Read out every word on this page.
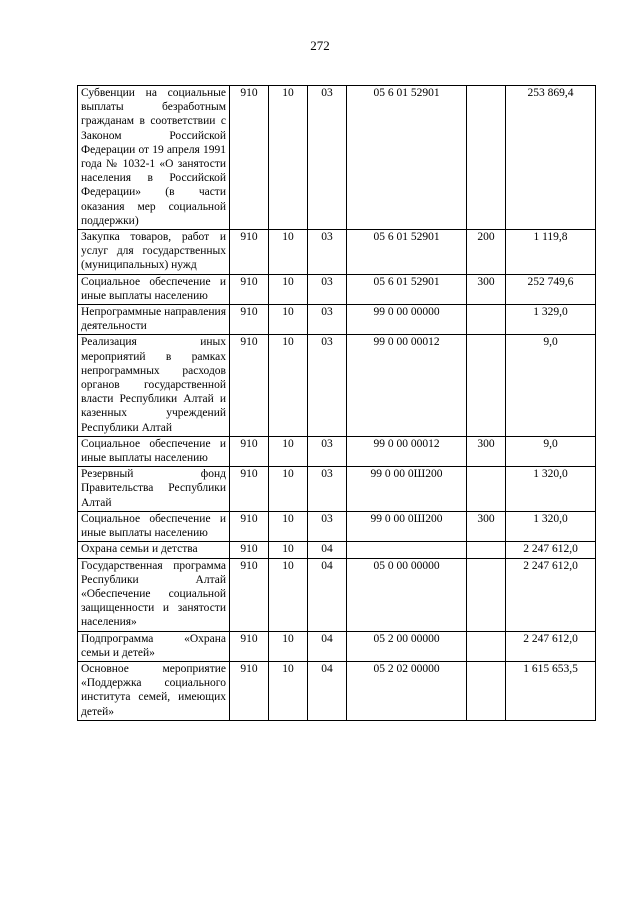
272
Субвенции на социальные выплаты безработным гражданам в соответствии с Законом Российской Федерации от 19 апреля 1991 года № 1032-1 «О занятости населения в Российской Федерации» (в части оказания мер социальной поддержки)	910	10	03	05 6 01 52901		253 869,4
Закупка товаров, работ и услуг для государственных (муниципальных) нужд	910	10	03	05 6 01 52901	200	1 119,8
Социальное обеспечение и иные выплаты населению	910	10	03	05 6 01 52901	300	252 749,6
Непрограммные направления деятельности	910	10	03	99 0 00 00000		1 329,0
Реализация иных мероприятий в рамках непрограммных расходов органов государственной власти Республики Алтай и казенных учреждений Республики Алтай	910	10	03	99 0 00 00012		9,0
Социальное обеспечение и иные выплаты населению	910	10	03	99 0 00 00012	300	9,0
Резервный фонд Правительства Республики Алтай	910	10	03	99 0 00 0Ш200		1 320,0
Социальное обеспечение и иные выплаты населению	910	10	03	99 0 00 0Ш200	300	1 320,0
Охрана семьи и детства	910	10	04			2 247 612,0
Государственная программа Республики Алтай «Обеспечение социальной защищенности и занятости населения»	910	10	04	05 0 00 00000		2 247 612,0
Подпрограмма «Охрана семьи и детей»	910	10	04	05 2 00 00000		2 247 612,0
Основное мероприятие «Поддержка социального института семей, имеющих детей»	910	10	04	05 2 02 00000		1 615 653,5
